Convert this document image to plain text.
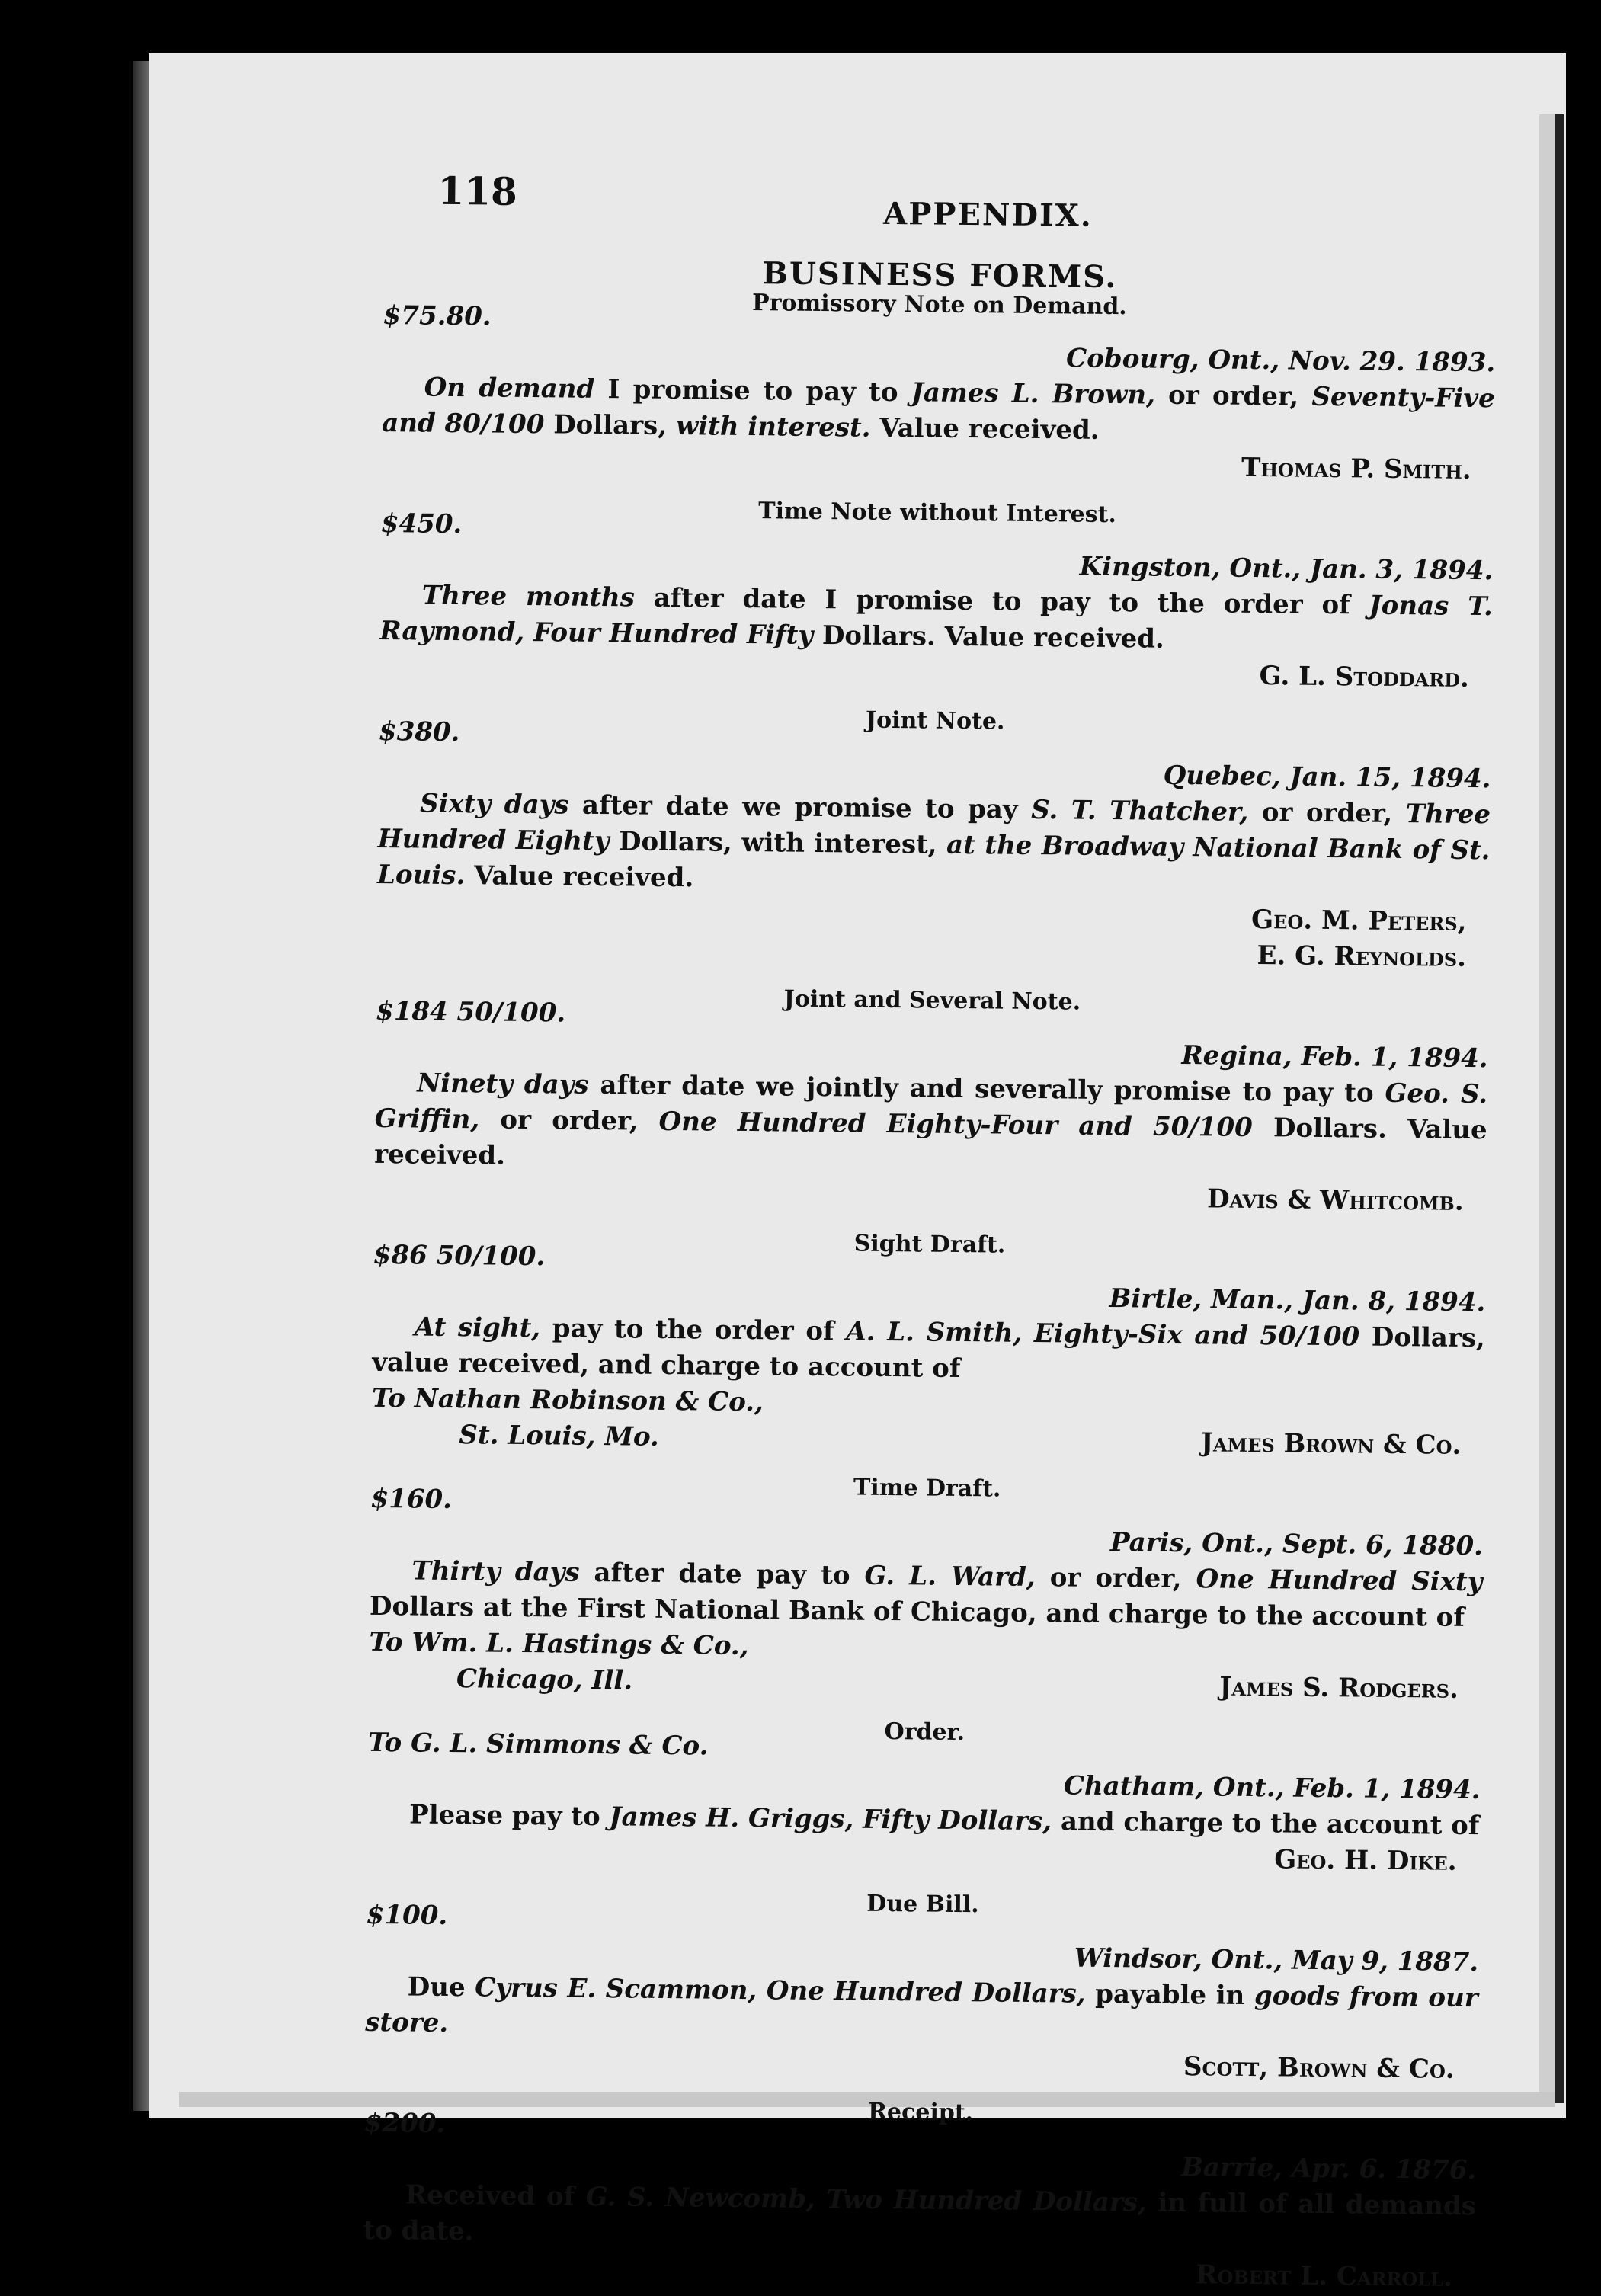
118
APPENDIX.
BUSINESS FORMS.
Promissory Note on Demand.
$75.80.
Cobourg, Ont., Nov. 29. 1893.
On demand I promise to pay to James L. Brown, or order, Seventy-Five and 80/100 Dollars, with interest. Value received.
Thomas P. Smith.
Time Note without Interest.
$450.
Kingston, Ont., Jan. 3, 1894.
Three months after date I promise to pay to the order of Jonas T. Raymond, Four Hundred Fifty Dollars. Value received.
G. L. Stoddard.
Joint Note.
$380.
Quebec, Jan. 15, 1894.
Sixty days after date we promise to pay S. T. Thatcher, or order, Three Hundred Eighty Dollars, with interest, at the Broadway National Bank of St. Louis. Value received.
Geo. M. Peters,
E. G. Reynolds.
Joint and Several Note.
$184 50/100.
Regina, Feb. 1, 1894.
Ninety days after date we jointly and severally promise to pay to Geo. S. Griffin, or order, One Hundred Eighty-Four and 50/100 Dollars. Value received.
Davis & Whitcomb.
Sight Draft.
$86 50/100.
Birtle, Man., Jan. 8, 1894.
At sight, pay to the order of A. L. Smith, Eighty-Six and 50/100 Dollars, value received, and charge to account of
To Nathan Robinson & Co.,
St. Louis, Mo.	James Brown & Co.
Time Draft.
$160.
Paris, Ont., Sept. 6, 1880.
Thirty days after date pay to G. L. Ward, or order, One Hundred Sixty Dollars at the First National Bank of Chicago, and charge to the account of
To Wm. L. Hastings & Co.,
Chicago, Ill.	James S. Rodgers.
Order.
To G. L. Simmons & Co.
Chatham, Ont., Feb. 1, 1894.
Please pay to James H. Griggs, Fifty Dollars, and charge to the account of
Geo. H. Dike.
Due Bill.
$100.
Windsor, Ont., May 9, 1887.
Due Cyrus E. Scammon, One Hundred Dollars, payable in goods from our store.
Scott, Brown & Co.
Receipt.
$200.
Barrie, Apr. 6. 1876.
Received of G. S. Newcomb, Two Hundred Dollars, in full of all demands to date.
Robert L. Carroll.
